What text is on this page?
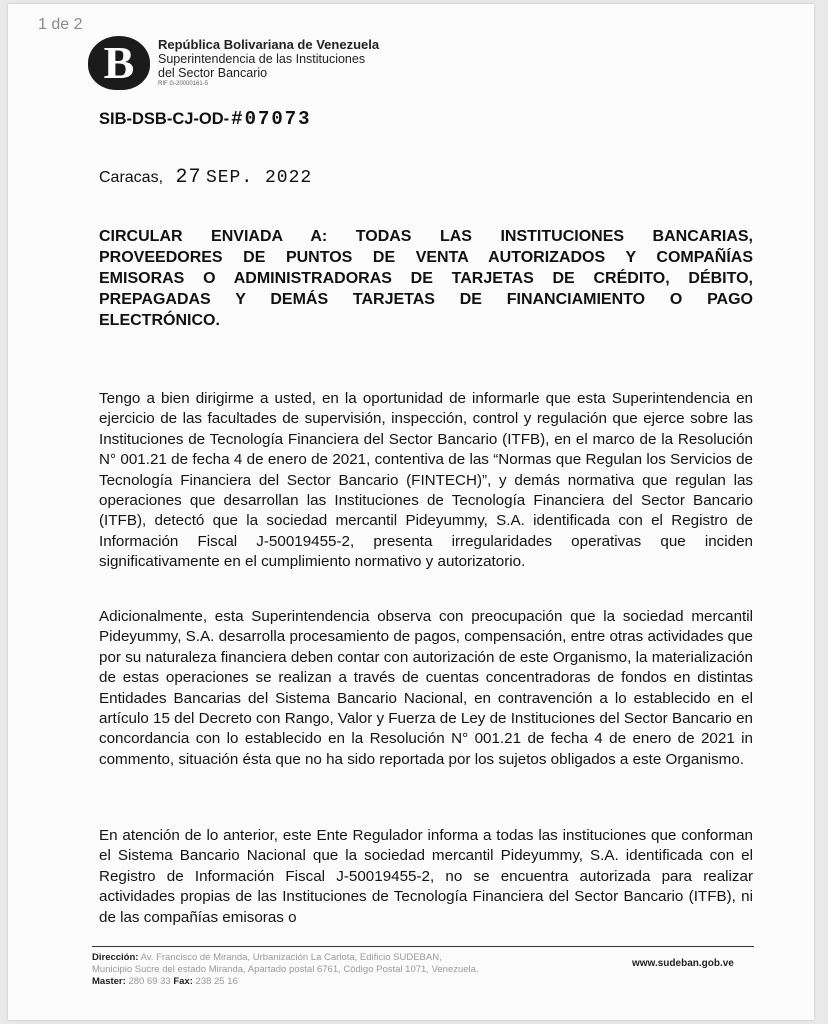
1 de 2
B	República Bolivariana de Venezuela
Superintendencia de las Instituciones
del Sector Bancario
RIF G-20000161-5
SIB-DSB-CJ-OD- #07073
Caracas, 27 SEP. 2022
CIRCULAR ENVIADA A: TODAS LAS INSTITUCIONES BANCARIAS, PROVEEDORES DE PUNTOS DE VENTA AUTORIZADOS Y COMPAÑÍAS EMISORAS O ADMINISTRADORAS DE TARJETAS DE CRÉDITO, DÉBITO, PREPAGADAS Y DEMÁS TARJETAS DE FINANCIAMIENTO O PAGO ELECTRÓNICO.

Tengo a bien dirigirme a usted, en la oportunidad de informarle que esta Superintendencia en ejercicio de las facultades de supervisión, inspección, control y regulación que ejerce sobre las Instituciones de Tecnología Financiera del Sector Bancario (ITFB), en el marco de la Resolución N° 001.21 de fecha 4 de enero de 2021, contentiva de las “Normas que Regulan los Servicios de Tecnología Financiera del Sector Bancario (FINTECH)”, y demás normativa que regulan las operaciones que desarrollan las Instituciones de Tecnología Financiera del Sector Bancario (ITFB), detectó que la sociedad mercantil Pideyummy, S.A. identificada con el Registro de Información Fiscal J-50019455-2, presenta irregularidades operativas que inciden significativamente en el cumplimiento normativo y autorizatorio.

Adicionalmente, esta Superintendencia observa con preocupación que la sociedad mercantil Pideyummy, S.A. desarrolla procesamiento de pagos, compensación, entre otras actividades que por su naturaleza financiera deben contar con autorización de este Organismo, la materialización de estas operaciones se realizan a través de cuentas concentradoras de fondos en distintas Entidades Bancarias del Sistema Bancario Nacional, en contravención a lo establecido en el artículo 15 del Decreto con Rango, Valor y Fuerza de Ley de Instituciones del Sector Bancario en concordancia con lo establecido en la Resolución N° 001.21 de fecha 4 de enero de 2021 in commento, situación ésta que no ha sido reportada por los sujetos obligados a este Organismo.

En atención de lo anterior, este Ente Regulador informa a todas las instituciones que conforman el Sistema Bancario Nacional que la sociedad mercantil Pideyummy, S.A. identificada con el Registro de Información Fiscal J-50019455-2, no se encuentra autorizada para realizar actividades propias de las Instituciones de Tecnología Financiera del Sector Bancario (ITFB), ni de las compañías emisoras o

Dirección: Av. Francisco de Miranda, Urbanización La Carlota, Edificio SUDEBAN,
Municipio Sucre del estado Miranda, Apartado postal 6761, Código Postal 1071, Venezuela.
Master: 280 69 33 Fax: 238 25 16
www.sudeban.gob.ve
